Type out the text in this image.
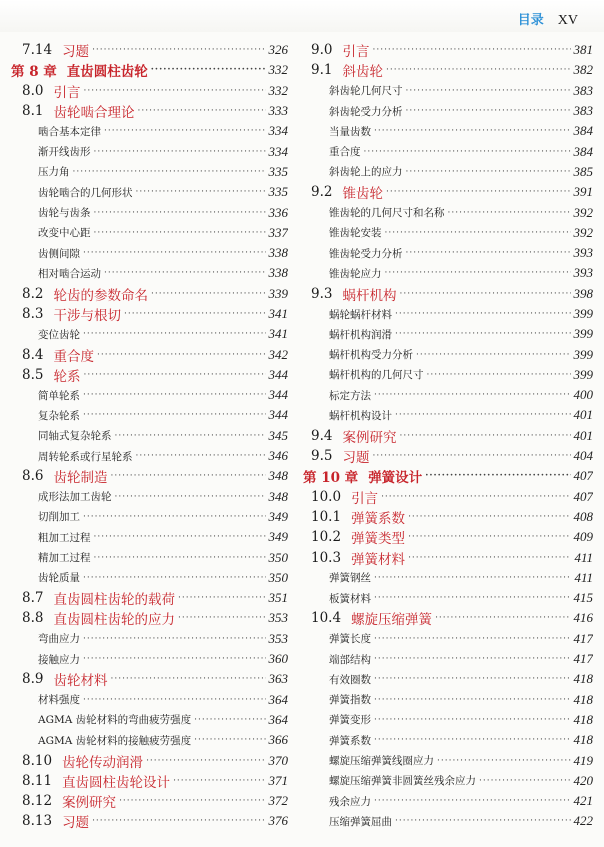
目录 XV
7.14 习题 ·····	326
第 8 章 直齿圆柱齿轮 ·····	332
8.0 引言 ·····	332
8.1 齿轮啮合理论 ·····	333
啮合基本定律 ·····	334
渐开线齿形 ·····	334
压力角 ·····	335
齿轮啮合的几何形状 ·····	335
齿轮与齿条 ·····	336
改变中心距 ·····	337
齿侧间隙 ·····	338
相对啮合运动 ·····	338
8.2 轮齿的参数命名 ·····	339
8.3 干涉与根切 ·····	341
变位齿轮 ·····	341
8.4 重合度 ·····	342
8.5 轮系 ·····	344
简单轮系 ·····	344
复杂轮系 ·····	344
同轴式复杂轮系 ·····	345
周转轮系或行星轮系 ·····	346
8.6 齿轮制造 ·····	348
成形法加工齿轮 ·····	348
切削加工 ·····	349
粗加工过程 ·····	349
精加工过程 ·····	350
齿轮质量 ·····	350
8.7 直齿圆柱齿轮的载荷 ·····	351
8.8 直齿圆柱齿轮的应力 ·····	353
弯曲应力 ·····	353
接触应力 ·····	360
8.9 齿轮材料 ·····	363
材料强度 ·····	364
AGMA 齿轮材料的弯曲疲劳强度 ·····	364
AGMA 齿轮材料的接触疲劳强度 ·····	366
8.10 齿轮传动润滑 ·····	370
8.11 直齿圆柱齿轮设计 ·····	371
8.12 案例研究 ·····	372
8.13 习题 ·····	376
9.0 引言 ·····	381
9.1 斜齿轮 ·····	382
斜齿轮几何尺寸 ·····	383
斜齿轮受力分析 ·····	383
当量齿数 ·····	384
重合度 ·····	384
斜齿轮上的应力 ·····	385
9.2 锥齿轮 ·····	391
锥齿轮的几何尺寸和名称 ·····	392
锥齿轮安装 ·····	392
锥齿轮受力分析 ·····	393
锥齿轮应力 ·····	393
9.3 蜗杆机构 ·····	398
蜗轮蜗杆材料 ·····	399
蜗杆机构润滑 ·····	399
蜗杆机构受力分析 ·····	399
蜗杆机构的几何尺寸 ·····	399
标定方法 ·····	400
蜗杆机构设计 ·····	401
9.4 案例研究 ·····	401
9.5 习题 ·····	404
第 10 章 弹簧设计 ·····	407
10.0 引言 ·····	407
10.1 弹簧系数 ·····	408
10.2 弹簧类型 ·····	409
10.3 弹簧材料 ·····	411
弹簧钢丝 ·····	411
板簧材料 ·····	415
10.4 螺旋压缩弹簧 ·····	416
弹簧长度 ·····	417
端部结构 ·····	417
有效圈数 ·····	418
弹簧指数 ·····	418
弹簧变形 ·····	418
弹簧系数 ·····	418
螺旋压缩弹簧线圈应力 ·····	419
螺旋压缩弹簧非圆簧丝残余应力 ·····	420
残余应力 ·····	421
压缩弹簧屈曲 ·····	422
